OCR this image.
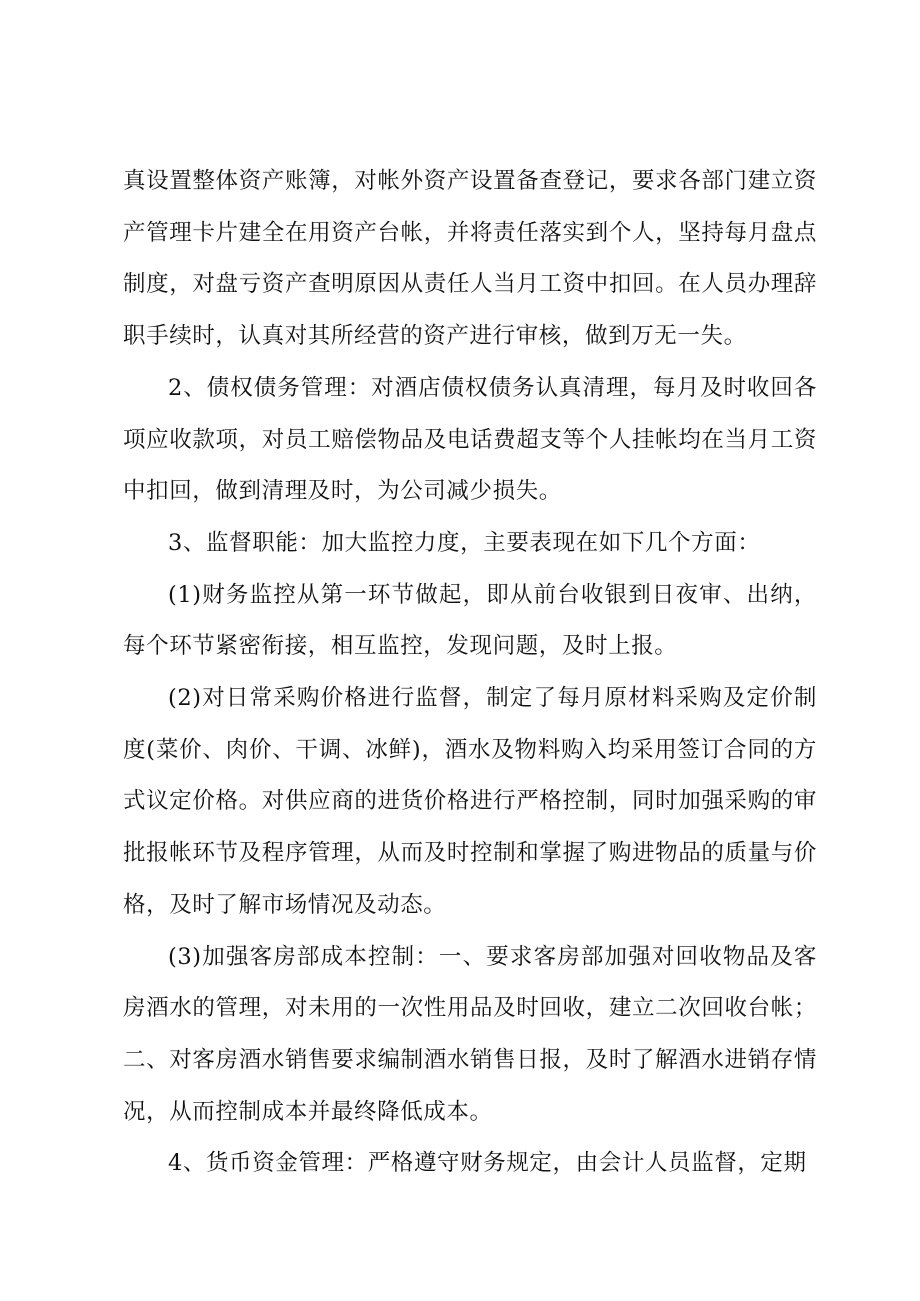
真设置整体资产账簿，对帐外资产设置备查登记，要求各部门建立资产管理卡片建全在用资产台帐，并将责任落实到个人，坚持每月盘点制度，对盘亏资产查明原因从责任人当月工资中扣回。在人员办理辞职手续时，认真对其所经营的资产进行审核，做到万无一失。

2、债权债务管理：对酒店债权债务认真清理，每月及时收回各项应收款项，对员工赔偿物品及电话费超支等个人挂帐均在当月工资中扣回，做到清理及时，为公司减少损失。

3、监督职能：加大监控力度，主要表现在如下几个方面：

(1)财务监控从第一环节做起，即从前台收银到日夜审、出纳，每个环节紧密衔接，相互监控，发现问题，及时上报。

(2)对日常采购价格进行监督，制定了每月原材料采购及定价制度(菜价、肉价、干调、冰鲜)，酒水及物料购入均采用签订合同的方式议定价格。对供应商的进货价格进行严格控制，同时加强采购的审批报帐环节及程序管理，从而及时控制和掌握了购进物品的质量与价格，及时了解市场情况及动态。

(3)加强客房部成本控制：一、要求客房部加强对回收物品及客房酒水的管理，对未用的一次性用品及时回收，建立二次回收台帐；二、对客房酒水销售要求编制酒水销售日报，及时了解酒水进销存情况，从而控制成本并最终降低成本。

4、货币资金管理：严格遵守财务规定，由会计人员监督，定期
